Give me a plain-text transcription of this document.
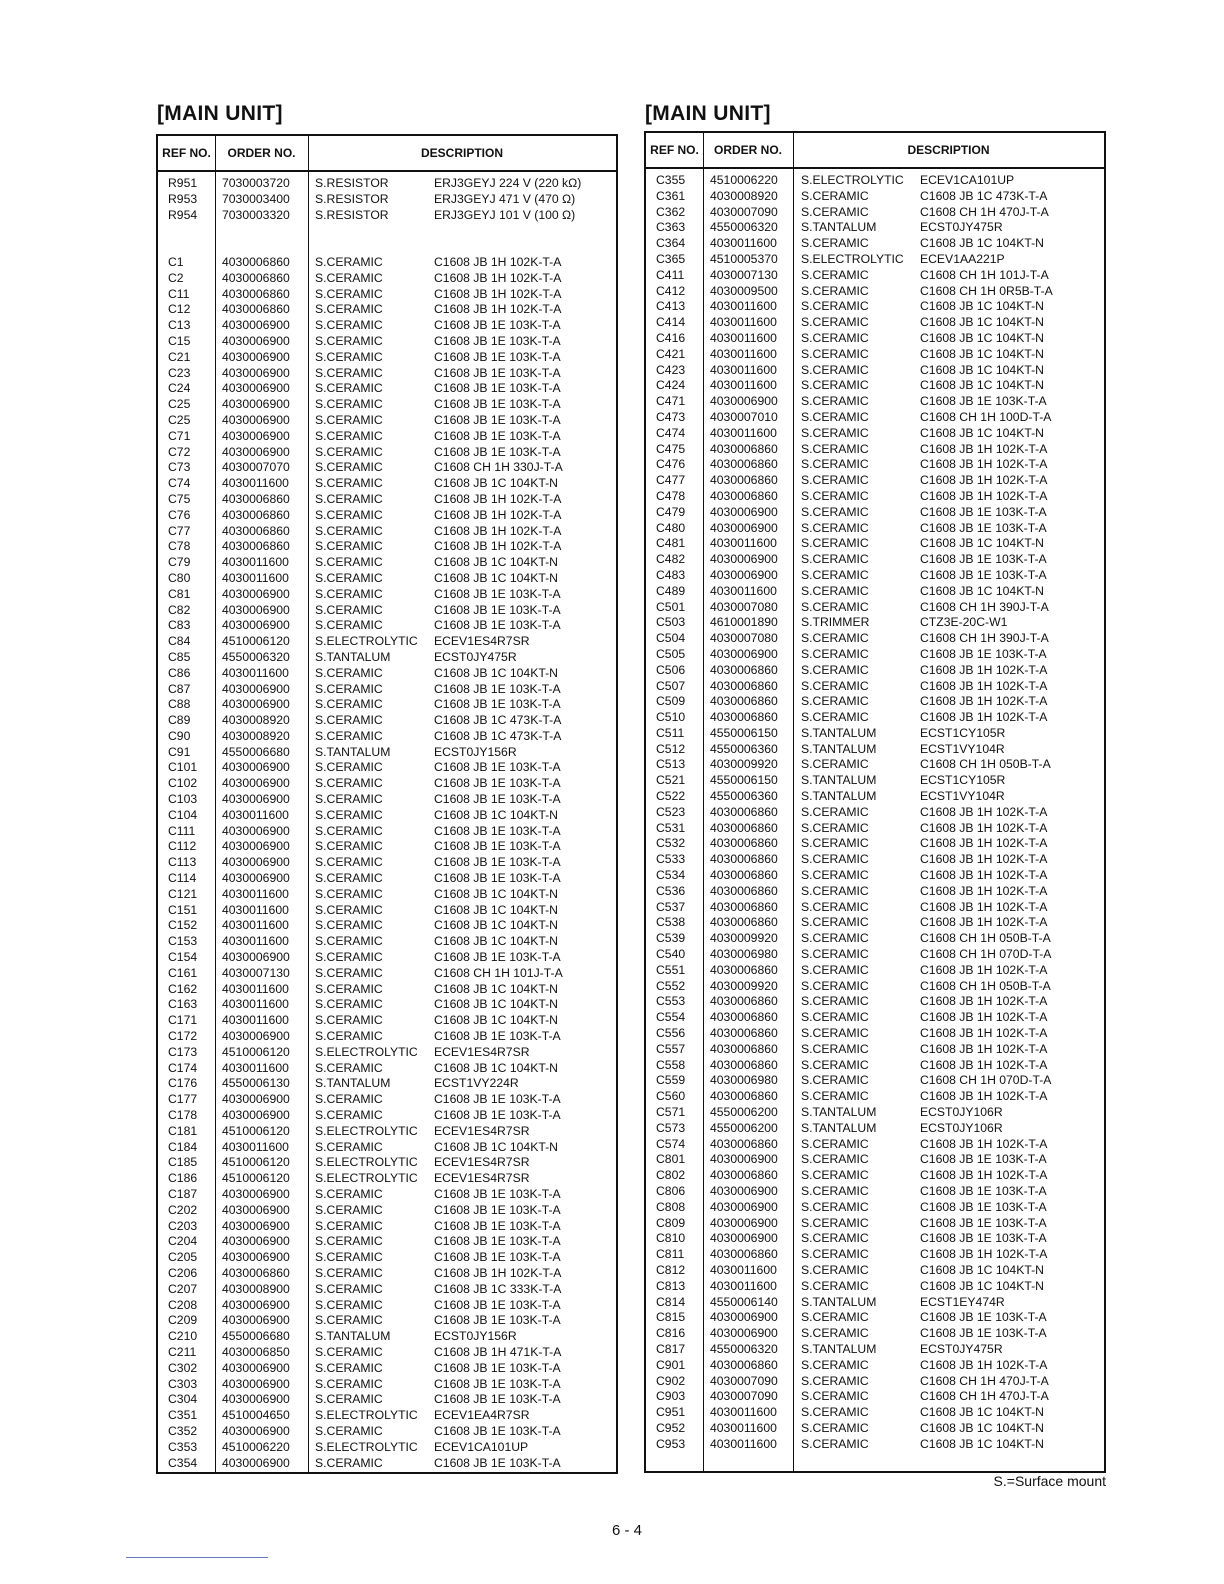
[MAIN UNIT]	[MAIN UNIT]
REF NO.	ORDER NO.	DESCRIPTION
R951 7030003720 S.RESISTOR	ERJ3GEYJ 224 V (220 kΩ)
R953 7030003400 S.RESISTOR	ERJ3GEYJ 471 V (470 Ω)
R954 7030003320 S.RESISTOR	ERJ3GEYJ 101 V (100 Ω)
C1	4030006860 S.CERAMIC	C1608 JB 1H 102K-T-A
C2	4030006860 S.CERAMIC	C1608 JB 1H 102K-T-A
C11	4030006860 S.CERAMIC	C1608 JB 1H 102K-T-A
C12	4030006860 S.CERAMIC	C1608 JB 1H 102K-T-A
C13	4030006900 S.CERAMIC	C1608 JB 1E 103K-T-A
C15	4030006900 S.CERAMIC	C1608 JB 1E 103K-T-A
C21	4030006900 S.CERAMIC	C1608 JB 1E 103K-T-A
C23	4030006900 S.CERAMIC	C1608 JB 1E 103K-T-A
C24	4030006900 S.CERAMIC	C1608 JB 1E 103K-T-A
C25	4030006900 S.CERAMIC	C1608 JB 1E 103K-T-A
C25	4030006900 S.CERAMIC	C1608 JB 1E 103K-T-A
C71	4030006900 S.CERAMIC	C1608 JB 1E 103K-T-A
C72	4030006900 S.CERAMIC	C1608 JB 1E 103K-T-A
C73	4030007070 S.CERAMIC	C1608 CH 1H 330J-T-A
C74	4030011600 S.CERAMIC	C1608 JB 1C 104KT-N
C75	4030006860 S.CERAMIC	C1608 JB 1H 102K-T-A
C76	4030006860 S.CERAMIC	C1608 JB 1H 102K-T-A
C77	4030006860 S.CERAMIC	C1608 JB 1H 102K-T-A
C78	4030006860 S.CERAMIC	C1608 JB 1H 102K-T-A
C79	4030011600 S.CERAMIC	C1608 JB 1C 104KT-N
C80	4030011600 S.CERAMIC	C1608 JB 1C 104KT-N
C81	4030006900 S.CERAMIC	C1608 JB 1E 103K-T-A
C82	4030006900 S.CERAMIC	C1608 JB 1E 103K-T-A
C83	4030006900 S.CERAMIC	C1608 JB 1E 103K-T-A
C84	4510006120 S.ELECTROLYTIC ECEV1ES4R7SR
C85	4550006320 S.TANTALUM	ECST0JY475R
C86	4030011600 S.CERAMIC	C1608 JB 1C 104KT-N
C87	4030006900 S.CERAMIC	C1608 JB 1E 103K-T-A
C88	4030006900 S.CERAMIC	C1608 JB 1E 103K-T-A
C89	4030008920 S.CERAMIC	C1608 JB 1C 473K-T-A
C90	4030008920 S.CERAMIC	C1608 JB 1C 473K-T-A
C91	4550006680 S.TANTALUM	ECST0JY156R
C101 4030006900 S.CERAMIC	C1608 JB 1E 103K-T-A
C102 4030006900 S.CERAMIC	C1608 JB 1E 103K-T-A
C103 4030006900 S.CERAMIC	C1608 JB 1E 103K-T-A
C104 4030011600 S.CERAMIC	C1608 JB 1C 104KT-N
C111 4030006900 S.CERAMIC	C1608 JB 1E 103K-T-A
C112 4030006900 S.CERAMIC	C1608 JB 1E 103K-T-A
C113 4030006900 S.CERAMIC	C1608 JB 1E 103K-T-A
C114 4030006900 S.CERAMIC	C1608 JB 1E 103K-T-A
C121 4030011600 S.CERAMIC	C1608 JB 1C 104KT-N
C151 4030011600 S.CERAMIC	C1608 JB 1C 104KT-N
C152 4030011600 S.CERAMIC	C1608 JB 1C 104KT-N
C153 4030011600 S.CERAMIC	C1608 JB 1C 104KT-N
C154 4030006900 S.CERAMIC	C1608 JB 1E 103K-T-A
C161 4030007130 S.CERAMIC	C1608 CH 1H 101J-T-A
C162 4030011600 S.CERAMIC	C1608 JB 1C 104KT-N
C163 4030011600 S.CERAMIC	C1608 JB 1C 104KT-N
C171 4030011600 S.CERAMIC	C1608 JB 1C 104KT-N
C172 4030006900 S.CERAMIC	C1608 JB 1E 103K-T-A
C173 4510006120 S.ELECTROLYTIC ECEV1ES4R7SR
C174 4030011600 S.CERAMIC	C1608 JB 1C 104KT-N
C176 4550006130 S.TANTALUM	ECST1VY224R
C177 4030006900 S.CERAMIC	C1608 JB 1E 103K-T-A
C178 4030006900 S.CERAMIC	C1608 JB 1E 103K-T-A
C181 4510006120 S.ELECTROLYTIC ECEV1ES4R7SR
C184 4030011600 S.CERAMIC	C1608 JB 1C 104KT-N
C185 4510006120 S.ELECTROLYTIC ECEV1ES4R7SR
C186 4510006120 S.ELECTROLYTIC ECEV1ES4R7SR
C187 4030006900 S.CERAMIC	C1608 JB 1E 103K-T-A
C202 4030006900 S.CERAMIC	C1608 JB 1E 103K-T-A
C203 4030006900 S.CERAMIC	C1608 JB 1E 103K-T-A
C204 4030006900 S.CERAMIC	C1608 JB 1E 103K-T-A
C205 4030006900 S.CERAMIC	C1608 JB 1E 103K-T-A
C206 4030006860 S.CERAMIC	C1608 JB 1H 102K-T-A
C207 4030008900 S.CERAMIC	C1608 JB 1C 333K-T-A
C208 4030006900 S.CERAMIC	C1608 JB 1E 103K-T-A
C209 4030006900 S.CERAMIC	C1608 JB 1E 103K-T-A
C210 4550006680 S.TANTALUM	ECST0JY156R
C211 4030006850 S.CERAMIC	C1608 JB 1H 471K-T-A
C302 4030006900 S.CERAMIC	C1608 JB 1E 103K-T-A
C303 4030006900 S.CERAMIC	C1608 JB 1E 103K-T-A
C304 4030006900 S.CERAMIC	C1608 JB 1E 103K-T-A
C351 4510004650 S.ELECTROLYTIC ECEV1EA4R7SR
C352 4030006900 S.CERAMIC	C1608 JB 1E 103K-T-A
C353 4510006220 S.ELECTROLYTIC ECEV1CA101UP
C354 4030006900 S.CERAMIC	C1608 JB 1E 103K-T-A
REF NO.	ORDER NO.	DESCRIPTION
C355 4510006220 S.ELECTROLYTIC ECEV1CA101UP
C361 4030008920 S.CERAMIC	C1608 JB 1C 473K-T-A
C362 4030007090 S.CERAMIC	C1608 CH 1H 470J-T-A
C363 4550006320 S.TANTALUM	ECST0JY475R
C364 4030011600 S.CERAMIC	C1608 JB 1C 104KT-N
C365 4510005370 S.ELECTROLYTIC ECEV1AA221P
C411 4030007130 S.CERAMIC	C1608 CH 1H 101J-T-A
C412 4030009500 S.CERAMIC	C1608 CH 1H 0R5B-T-A
C413 4030011600 S.CERAMIC	C1608 JB 1C 104KT-N
C414 4030011600 S.CERAMIC	C1608 JB 1C 104KT-N
C416 4030011600 S.CERAMIC	C1608 JB 1C 104KT-N
C421 4030011600 S.CERAMIC	C1608 JB 1C 104KT-N
C423 4030011600 S.CERAMIC	C1608 JB 1C 104KT-N
C424 4030011600 S.CERAMIC	C1608 JB 1C 104KT-N
C471 4030006900 S.CERAMIC	C1608 JB 1E 103K-T-A
C473 4030007010 S.CERAMIC	C1608 CH 1H 100D-T-A
C474 4030011600 S.CERAMIC	C1608 JB 1C 104KT-N
C475 4030006860 S.CERAMIC	C1608 JB 1H 102K-T-A
C476 4030006860 S.CERAMIC	C1608 JB 1H 102K-T-A
C477 4030006860 S.CERAMIC	C1608 JB 1H 102K-T-A
C478 4030006860 S.CERAMIC	C1608 JB 1H 102K-T-A
C479 4030006900 S.CERAMIC	C1608 JB 1E 103K-T-A
C480 4030006900 S.CERAMIC	C1608 JB 1E 103K-T-A
C481 4030011600 S.CERAMIC	C1608 JB 1C 104KT-N
C482 4030006900 S.CERAMIC	C1608 JB 1E 103K-T-A
C483 4030006900 S.CERAMIC	C1608 JB 1E 103K-T-A
C489 4030011600 S.CERAMIC	C1608 JB 1C 104KT-N
C501 4030007080 S.CERAMIC	C1608 CH 1H 390J-T-A
C503 4610001890 S.TRIMMER	CTZ3E-20C-W1
C504 4030007080 S.CERAMIC	C1608 CH 1H 390J-T-A
C505 4030006900 S.CERAMIC	C1608 JB 1E 103K-T-A
C506 4030006860 S.CERAMIC	C1608 JB 1H 102K-T-A
C507 4030006860 S.CERAMIC	C1608 JB 1H 102K-T-A
C509 4030006860 S.CERAMIC	C1608 JB 1H 102K-T-A
C510 4030006860 S.CERAMIC	C1608 JB 1H 102K-T-A
C511 4550006150 S.TANTALUM	ECST1CY105R
C512 4550006360 S.TANTALUM	ECST1VY104R
C513 4030009920 S.CERAMIC	C1608 CH 1H 050B-T-A
C521 4550006150 S.TANTALUM	ECST1CY105R
C522 4550006360 S.TANTALUM	ECST1VY104R
C523 4030006860 S.CERAMIC	C1608 JB 1H 102K-T-A
C531 4030006860 S.CERAMIC	C1608 JB 1H 102K-T-A
C532 4030006860 S.CERAMIC	C1608 JB 1H 102K-T-A
C533 4030006860 S.CERAMIC	C1608 JB 1H 102K-T-A
C534 4030006860 S.CERAMIC	C1608 JB 1H 102K-T-A
C536 4030006860 S.CERAMIC	C1608 JB 1H 102K-T-A
C537 4030006860 S.CERAMIC	C1608 JB 1H 102K-T-A
C538 4030006860 S.CERAMIC	C1608 JB 1H 102K-T-A
C539 4030009920 S.CERAMIC	C1608 CH 1H 050B-T-A
C540 4030006980 S.CERAMIC	C1608 CH 1H 070D-T-A
C551 4030006860 S.CERAMIC	C1608 JB 1H 102K-T-A
C552 4030009920 S.CERAMIC	C1608 CH 1H 050B-T-A
C553 4030006860 S.CERAMIC	C1608 JB 1H 102K-T-A
C554 4030006860 S.CERAMIC	C1608 JB 1H 102K-T-A
C556 4030006860 S.CERAMIC	C1608 JB 1H 102K-T-A
C557 4030006860 S.CERAMIC	C1608 JB 1H 102K-T-A
C558 4030006860 S.CERAMIC	C1608 JB 1H 102K-T-A
C559 4030006980 S.CERAMIC	C1608 CH 1H 070D-T-A
C560 4030006860 S.CERAMIC	C1608 JB 1H 102K-T-A
C571 4550006200 S.TANTALUM	ECST0JY106R
C573 4550006200 S.TANTALUM	ECST0JY106R
C574 4030006860 S.CERAMIC	C1608 JB 1H 102K-T-A
C801 4030006900 S.CERAMIC	C1608 JB 1E 103K-T-A
C802 4030006860 S.CERAMIC	C1608 JB 1H 102K-T-A
C806 4030006900 S.CERAMIC	C1608 JB 1E 103K-T-A
C808 4030006900 S.CERAMIC	C1608 JB 1E 103K-T-A
C809 4030006900 S.CERAMIC	C1608 JB 1E 103K-T-A
C810 4030006900 S.CERAMIC	C1608 JB 1E 103K-T-A
C811 4030006860 S.CERAMIC	C1608 JB 1H 102K-T-A
C812 4030011600 S.CERAMIC	C1608 JB 1C 104KT-N
C813 4030011600 S.CERAMIC	C1608 JB 1C 104KT-N
C814 4550006140 S.TANTALUM	ECST1EY474R
C815 4030006900 S.CERAMIC	C1608 JB 1E 103K-T-A
C816 4030006900 S.CERAMIC	C1608 JB 1E 103K-T-A
C817 4550006320 S.TANTALUM	ECST0JY475R
C901 4030006860 S.CERAMIC	C1608 JB 1H 102K-T-A
C902 4030007090 S.CERAMIC	C1608 CH 1H 470J-T-A
C903 4030007090 S.CERAMIC	C1608 CH 1H 470J-T-A
C951 4030011600 S.CERAMIC	C1608 JB 1C 104KT-N
C952 4030011600 S.CERAMIC	C1608 JB 1C 104KT-N
C953 4030011600 S.CERAMIC	C1608 JB 1C 104KT-N
S.=Surface mount
6 - 4
